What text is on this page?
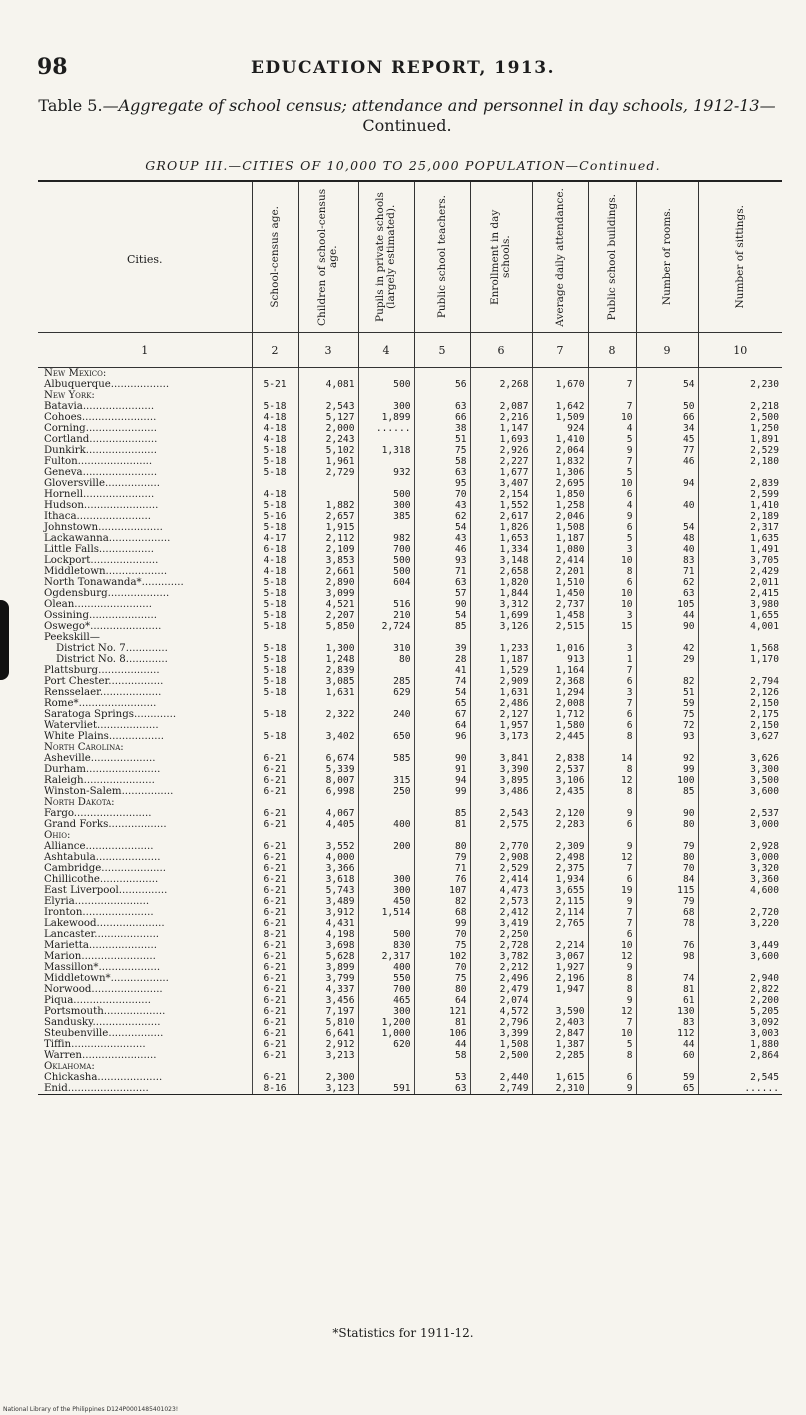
98	EDUCATION REPORT, 1913.
Table 5.—Aggregate of school census; attendance and personnel in day schools, 1912-13—
Continued.
GROUP III.—CITIES OF 10,000 TO 25,000 POPULATION—Continued.
Cities.	School-census age.	Children of school-census age.	Pupils in private schools (largely estimated).	Public school teachers.	Enrollment in day schools.	Average daily attendance.	Public school buildings.	Number of rooms.	Number of sittings.

1	2	3	4	5	6	7	8	9	10
New Mexico:									
Albuquerque..................	5-21	4,081	500	56	2,268	1,670	7	54	2,230
New York:									
Batavia......................	5-18	2,543	300	63	2,087	1,642	7	50	2,218
Cohoes.......................	4-18	5,127	1,899	66	2,216	1,509	10	66	2,500
Corning......................	4-18	2,000	......	38	1,147	924	4	34	1,250
Cortland.....................	4-18	2,243		51	1,693	1,410	5	45	1,891
Dunkirk......................	5-18	5,102	1,318	75	2,926	2,064	9	77	2,529
Fulton.......................	5-18	1,961		58	2,227	1,832	7	46	2,180
Geneva.......................	5-18	2,729	932	63	1,677	1,306	5		
Gloversville.................				95	3,407	2,695	10	94	2,839
Hornell......................	4-18		500	70	2,154	1,850	6		2,599
Hudson.......................	5-18	1,882	300	43	1,552	1,258	4	40	1,410
Ithaca.......................	5-16	2,657	385	62	2,617	2,046	9		2,189
Johnstown....................	5-18	1,915		54	1,826	1,508	6	54	2,317
Lackawanna...................	4-17	2,112	982	43	1,653	1,187	5	48	1,635
Little Falls.................	6-18	2,109	700	46	1,334	1,080	3	40	1,491
Lockport.....................	4-18	3,853	500	93	3,148	2,414	10	83	3,705
Middletown...................	4-18	2,661	500	71	2,658	2,201	8	71	2,429
North Tonawanda*.............	5-18	2,890	604	63	1,820	1,510	6	62	2,011
Ogdensburg...................	5-18	3,099		57	1,844	1,450	10	63	2,415
Olean........................	5-18	4,521	516	90	3,312	2,737	10	105	3,980
Ossining.....................	5-18	2,207	210	54	1,699	1,458	3	44	1,655
Oswego*......................	5-18	5,850	2,724	85	3,126	2,515	15	90	4,001
Peekskill—									
District No. 7.............	5-18	1,300	310	39	1,233	1,016	3	42	1,568
District No. 8.............	5-18	1,248	80	28	1,187	913	1	29	1,170
Plattsburg...................	5-18	2,839		41	1,529	1,164	7		
Port Chester.................	5-18	3,085	285	74	2,909	2,368	6	82	2,794
Rensselaer...................	5-18	1,631	629	54	1,631	1,294	3	51	2,126
Rome*........................				65	2,486	2,008	7	59	2,150
Saratoga Springs.............	5-18	2,322	240	67	2,127	1,712	6	75	2,175
Watervliet...................				64	1,957	1,580	6	72	2,150
White Plains.................	5-18	3,402	650	96	3,173	2,445	8	93	3,627
North Carolina:									
Asheville....................	6-21	6,674	585	90	3,841	2,838	14	92	3,626
Durham.......................	6-21	5,339		91	3,390	2,537	8	99	3,300
Raleigh......................	6-21	8,007	315	94	3,895	3,106	12	100	3,500
Winston-Salem................	6-21	6,998	250	99	3,486	2,435	8	85	3,600
North Dakota:									
Fargo........................	6-21	4,067		85	2,543	2,120	9	90	2,537
Grand Forks..................	6-21	4,405	400	81	2,575	2,283	6	80	3,000
Ohio:									
Alliance.....................	6-21	3,552	200	80	2,770	2,309	9	79	2,928
Ashtabula....................	6-21	4,000		79	2,908	2,498	12	80	3,000
Cambridge....................	6-21	3,366		71	2,529	2,375	7	70	3,320
Chillicothe..................	6-21	3,618	300	76	2,414	1,934	6	84	3,360
East Liverpool...............	6-21	5,743	300	107	4,473	3,655	19	115	4,600
Elyria.......................	6-21	3,489	450	82	2,573	2,115	9	79	
Ironton......................	6-21	3,912	1,514	68	2,412	2,114	7	68	2,720
Lakewood.....................	6-21	4,431		99	3,419	2,765	7	78	3,220
Lancaster....................	8-21	4,198	500	70	2,250		6		
Marietta.....................	6-21	3,698	830	75	2,728	2,214	10	76	3,449
Marion.......................	6-21	5,628	2,317	102	3,782	3,067	12	98	3,600
Massillon*...................	6-21	3,899	400	70	2,212	1,927	9		
Middletown*..................	6-21	3,799	550	75	2,496	2,196	8	74	2,940
Norwood......................	6-21	4,337	700	80	2,479	1,947	8	81	2,822
Piqua........................	6-21	3,456	465	64	2,074		9	61	2,200
Portsmouth...................	6-21	7,197	300	121	4,572	3,590	12	130	5,205
Sandusky.....................	6-21	5,810	1,200	81	2,796	2,403	7	83	3,092
Steubenville.................	6-21	6,641	1,000	106	3,399	2,847	10	112	3,003
Tiffin.......................	6-21	2,912	620	44	1,508	1,387	5	44	1,880
Warren.......................	6-21	3,213		58	2,500	2,285	8	60	2,864
Oklahoma:									
Chickasha....................	6-21	2,300		53	2,440	1,615	6	59	2,545
Enid.........................	8-16	3,123	591	63	2,749	2,310	9	65	......
*Statistics for 1911-12.
National Library of the Philippines D124P0001485401023!
